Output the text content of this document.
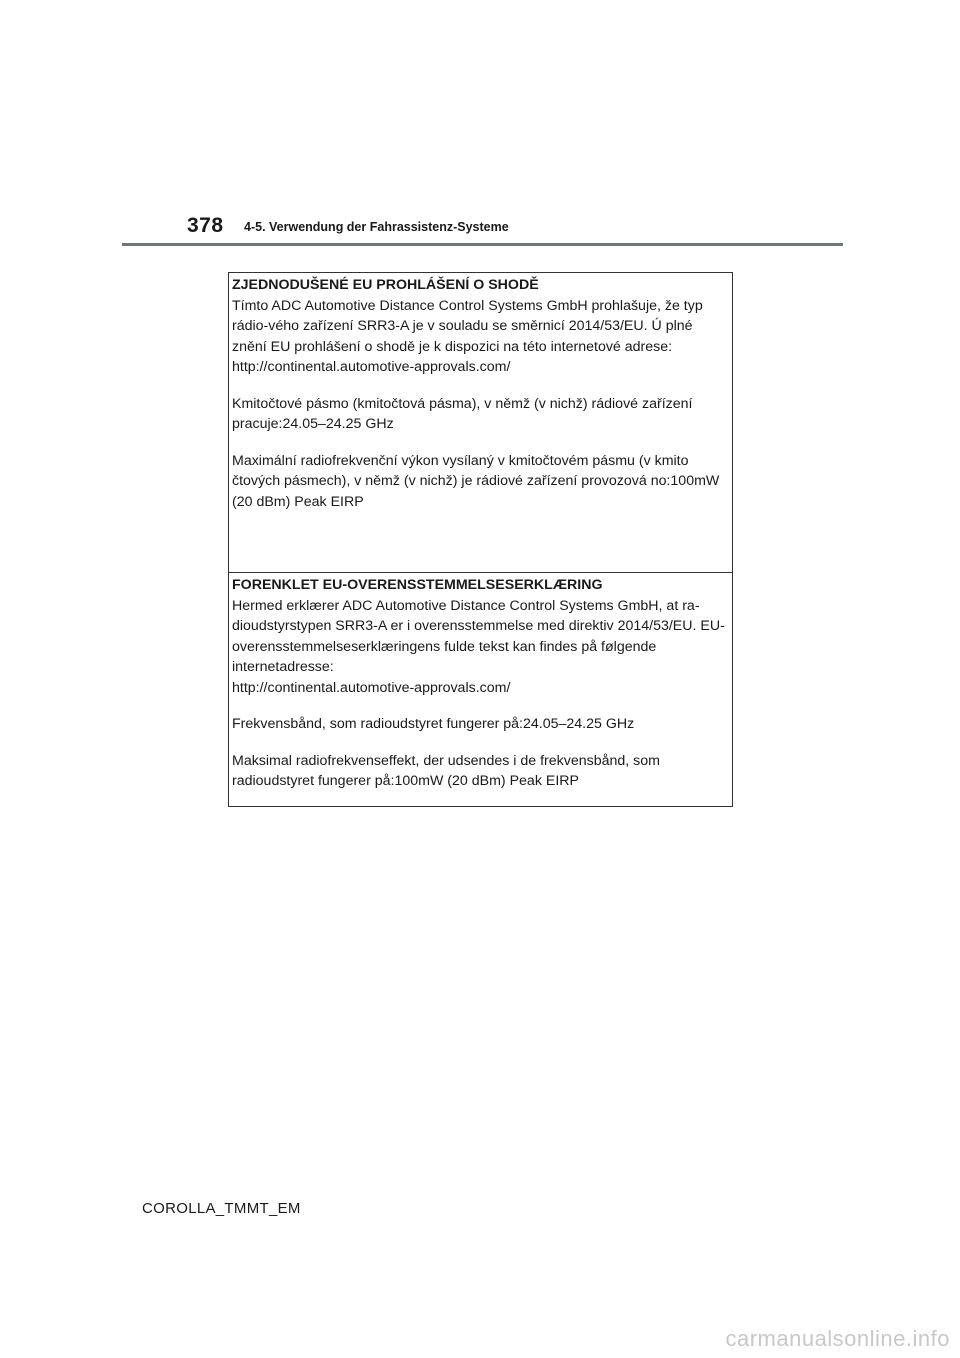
378 4-5. Verwendung der Fahrassistenz-Systeme
ZJEDNODUŠENÉ EU PROHLÁŠENÍ O SHODĚ

Tímto ADC Automotive Distance Control Systems GmbH prohlašuje, že typ rádio-vého zařízení SRR3-A je v souladu se směrnicí 2014/53/EU. Ú plné znění EU prohlášení o shodě je k dispozici na této internetové adrese:

http://continental.automotive-approvals.com/

Kmitočtové pásmo (kmitočtová pásma), v němž (v nichž) rádiové zařízení pracuje:24.05–24.25 GHz

Maximální radiofrekvenční výkon vysílaný v kmitočtovém pásmu (v kmito čtových pásmech), v němž (v nichž) je rádiové zařízení provozová no:100mW (20 dBm) Peak EIRP

FORENKLET EU-OVERENSSTEMMELSESERKLÆRING

Hermed erklærer ADC Automotive Distance Control Systems GmbH, at ra-dioudstyrstypen SRR3-A er i overensstemmelse med direktiv 2014/53/EU. EU-overensstemmelseserklæringens fulde tekst kan findes på følgende internetadresse:

http://continental.automotive-approvals.com/

Frekvensbånd, som radioudstyret fungerer på:24.05–24.25 GHz

Maksimal radiofrekvenseffekt, der udsendes i de frekvensbånd, som radioudstyret fungerer på:100mW (20 dBm) Peak EIRP

COROLLA_TMMT_EM
carmanualsonline.info
